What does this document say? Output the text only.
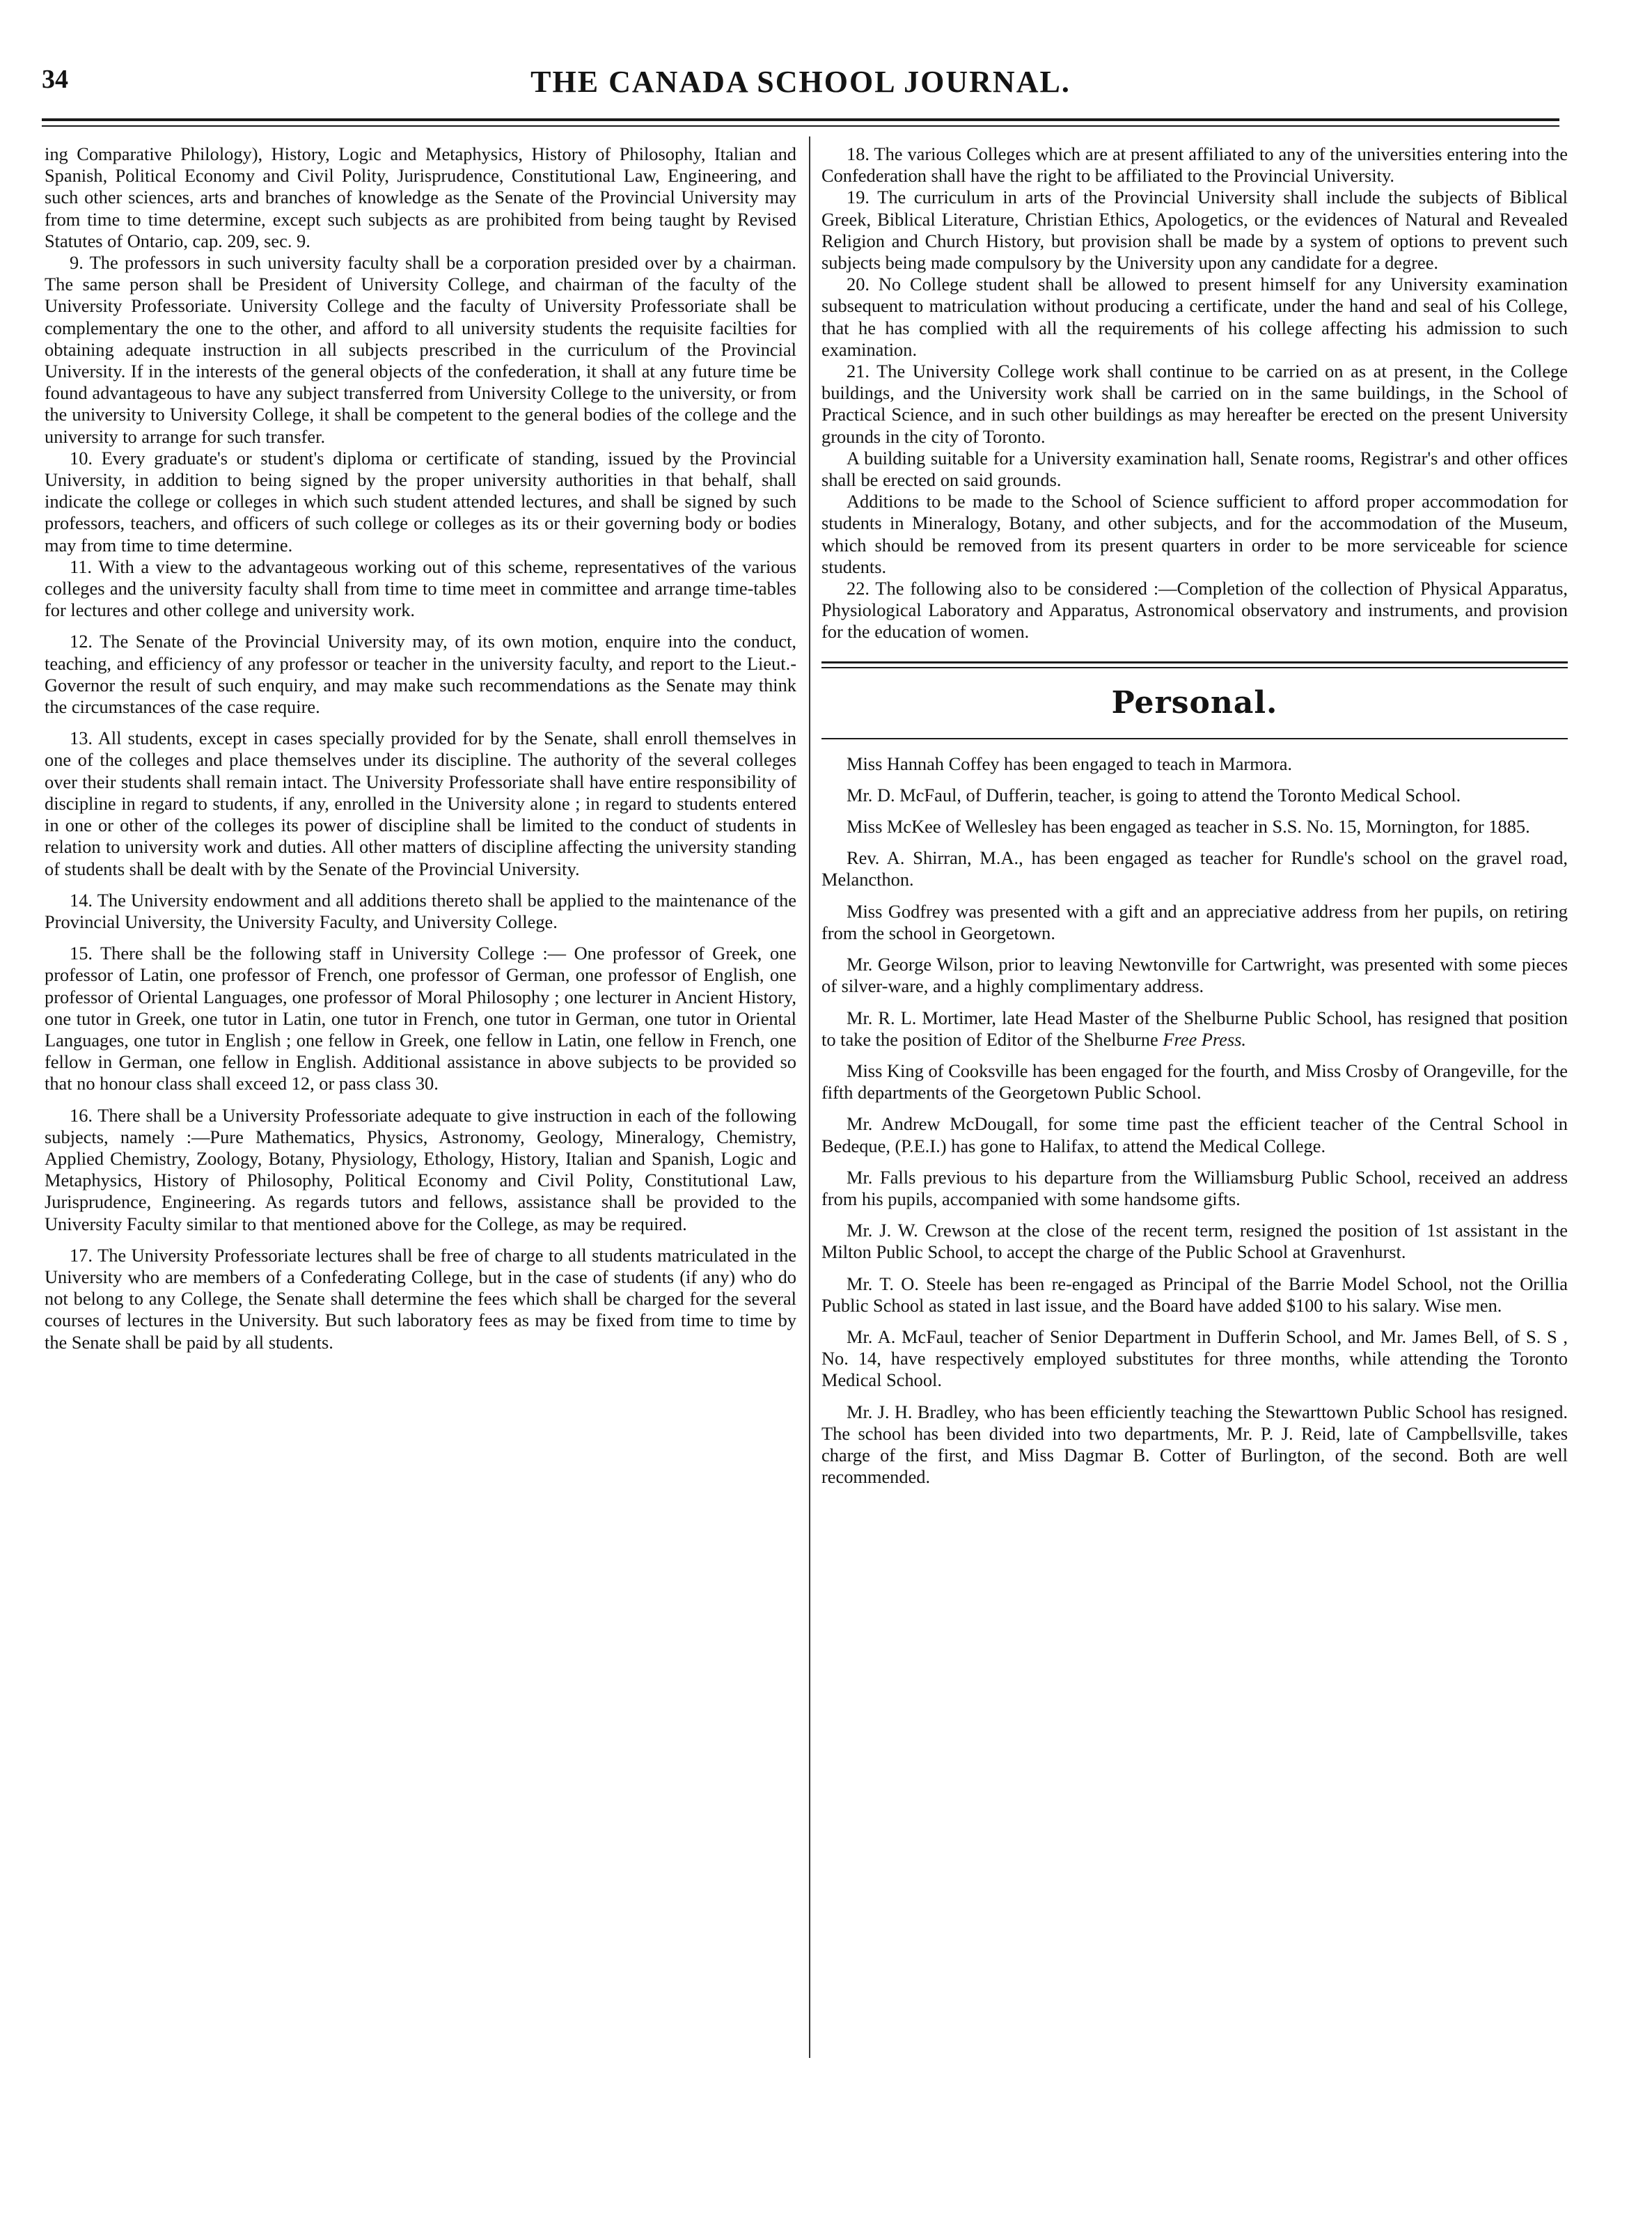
34	THE CANADA SCHOOL JOURNAL.

ing Comparative Philology), History, Logic and Metaphysics, History of Philosophy, Italian and Spanish, Political Economy and Civil Polity, Jurisprudence, Constitutional Law, Engineering, and such other sciences, arts and branches of knowledge as the Senate of the Provincial University may from time to time determine, except such subjects as are prohibited from being taught by Revised Statutes of Ontario, cap. 209, sec. 9.

9. The professors in such university faculty shall be a corporation presided over by a chairman. The same person shall be President of University College, and chairman of the faculty of the University Professoriate. University College and the faculty of University Professoriate shall be complementary the one to the other, and afford to all university students the requisite facilties for obtaining adequate instruction in all subjects prescribed in the curriculum of the Provincial University. If in the interests of the general objects of the confederation, it shall at any future time be found advantageous to have any subject transferred from University College to the university, or from the university to University College, it shall be competent to the general bodies of the college and the university to arrange for such transfer.

10. Every graduate's or student's diploma or certificate of standing, issued by the Provincial University, in addition to being signed by the proper university authorities in that behalf, shall indicate the college or colleges in which such student attended lectures, and shall be signed by such professors, teachers, and officers of such college or colleges as its or their governing body or bodies may from time to time determine.

11. With a view to the advantageous working out of this scheme, representatives of the various colleges and the university faculty shall from time to time meet in committee and arrange time-tables for lectures and other college and university work.

12. The Senate of the Provincial University may, of its own motion, enquire into the conduct, teaching, and efficiency of any professor or teacher in the university faculty, and report to the Lieut.-Governor the result of such enquiry, and may make such recommendations as the Senate may think the circumstances of the case require.

13. All students, except in cases specially provided for by the Senate, shall enroll themselves in one of the colleges and place themselves under its discipline. The authority of the several colleges over their students shall remain intact. The University Professoriate shall have entire responsibility of discipline in regard to students, if any, enrolled in the University alone ; in regard to students entered in one or other of the colleges its power of discipline shall be limited to the conduct of students in relation to university work and duties. All other matters of discipline affecting the university standing of students shall be dealt with by the Senate of the Provincial University.

14. The University endowment and all additions thereto shall be applied to the maintenance of the Provincial University, the University Faculty, and University College.

15. There shall be the following staff in University College :— One professor of Greek, one professor of Latin, one professor of French, one professor of German, one professor of English, one professor of Oriental Languages, one professor of Moral Philosophy ; one lecturer in Ancient History, one tutor in Greek, one tutor in Latin, one tutor in French, one tutor in German, one tutor in Oriental Languages, one tutor in English ; one fellow in Greek, one fellow in Latin, one fellow in French, one fellow in German, one fellow in English. Additional assistance in above subjects to be provided so that no honour class shall exceed 12, or pass class 30.

16. There shall be a University Professoriate adequate to give instruction in each of the following subjects, namely :—Pure Mathematics, Physics, Astronomy, Geology, Mineralogy, Chemistry, Applied Chemistry, Zoology, Botany, Physiology, Ethology, History, Italian and Spanish, Logic and Metaphysics, History of Philosophy, Political Economy and Civil Polity, Constitutional Law, Jurisprudence, Engineering. As regards tutors and fellows, assistance shall be provided to the University Faculty similar to that mentioned above for the College, as may be required.

17. The University Professoriate lectures shall be free of charge to all students matriculated in the University who are members of a Confederating College, but in the case of students (if any) who do not belong to any College, the Senate shall determine the fees which shall be charged for the several courses of lectures in the University. But such laboratory fees as may be fixed from time to time by the Senate shall be paid by all students.

18. The various Colleges which are at present affiliated to any of the universities entering into the Confederation shall have the right to be affiliated to the Provincial University.

19. The curriculum in arts of the Provincial University shall include the subjects of Biblical Greek, Biblical Literature, Christian Ethics, Apologetics, or the evidences of Natural and Revealed Religion and Church History, but provision shall be made by a system of options to prevent such subjects being made compulsory by the University upon any candidate for a degree.

20. No College student shall be allowed to present himself for any University examination subsequent to matriculation without producing a certificate, under the hand and seal of his College, that he has complied with all the requirements of his college affecting his admission to such examination.

21. The University College work shall continue to be carried on as at present, in the College buildings, and the University work shall be carried on in the same buildings, in the School of Practical Science, and in such other buildings as may hereafter be erected on the present University grounds in the city of Toronto.

A building suitable for a University examination hall, Senate rooms, Registrar's and other offices shall be erected on said grounds.

Additions to be made to the School of Science sufficient to afford proper accommodation for students in Mineralogy, Botany, and other subjects, and for the accommodation of the Museum, which should be removed from its present quarters in order to be more serviceable for science students.

22. The following also to be considered :—Completion of the collection of Physical Apparatus, Physiological Laboratory and Apparatus, Astronomical observatory and instruments, and provision for the education of women.

Personal.

Miss Hannah Coffey has been engaged to teach in Marmora.

Mr. D. McFaul, of Dufferin, teacher, is going to attend the Toronto Medical School.

Miss McKee of Wellesley has been engaged as teacher in S.S. No. 15, Mornington, for 1885.

Rev. A. Shirran, M.A., has been engaged as teacher for Rundle's school on the gravel road, Melancthon.

Miss Godfrey was presented with a gift and an appreciative address from her pupils, on retiring from the school in Georgetown.

Mr. George Wilson, prior to leaving Newtonville for Cartwright, was presented with some pieces of silver-ware, and a highly complimentary address.

Mr. R. L. Mortimer, late Head Master of the Shelburne Public School, has resigned that position to take the position of Editor of the Shelburne Free Press.

Miss King of Cooksville has been engaged for the fourth, and Miss Crosby of Orangeville, for the fifth departments of the Georgetown Public School.

Mr. Andrew McDougall, for some time past the efficient teacher of the Central School in Bedeque, (P.E.I.) has gone to Halifax, to attend the Medical College.

Mr. Falls previous to his departure from the Williamsburg Public School, received an address from his pupils, accompanied with some handsome gifts.

Mr. J. W. Crewson at the close of the recent term, resigned the position of 1st assistant in the Milton Public School, to accept the charge of the Public School at Gravenhurst.

Mr. T. O. Steele has been re-engaged as Principal of the Barrie Model School, not the Orillia Public School as stated in last issue, and the Board have added $100 to his salary. Wise men.

Mr. A. McFaul, teacher of Senior Department in Dufferin School, and Mr. James Bell, of S. S , No. 14, have respectively employed substitutes for three months, while attending the Toronto Medical School.

Mr. J. H. Bradley, who has been efficiently teaching the Stewarttown Public School has resigned. The school has been divided into two departments, Mr. P. J. Reid, late of Campbellsville, takes charge of the first, and Miss Dagmar B. Cotter of Burlington, of the second. Both are well recommended.
